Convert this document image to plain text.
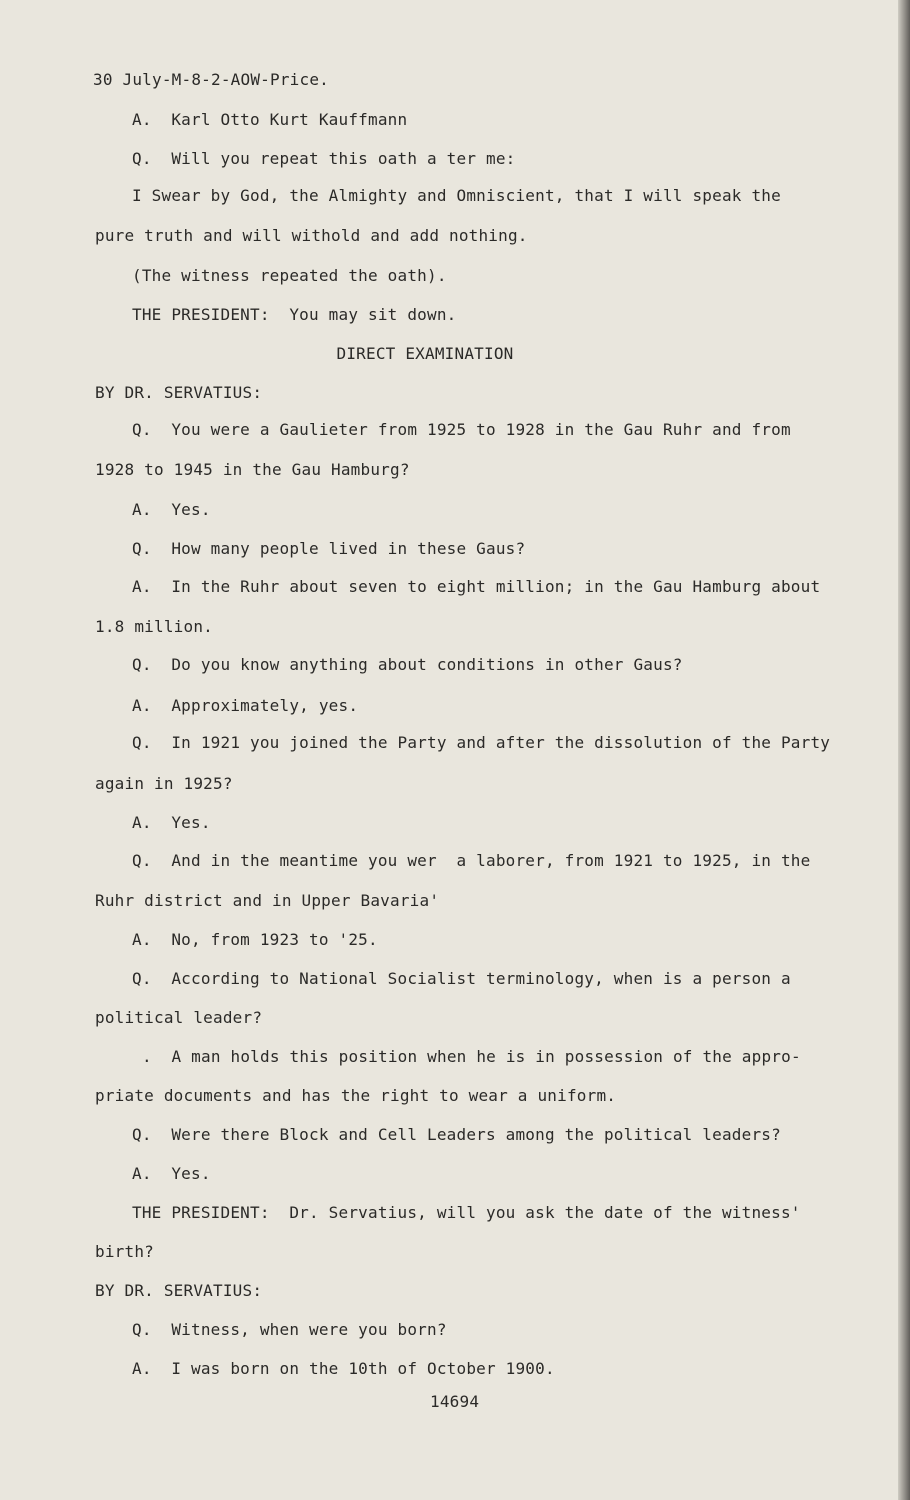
30 July-M-8-2-AOW-Price.
A.  Karl Otto Kurt Kauffmann
Q.  Will you repeat this oath a ter me:
I Swear by God, the Almighty and Omniscient, that I will speak the
pure truth and will withold and add nothing.
(The witness repeated the oath).
THE PRESIDENT:  You may sit down.
DIRECT EXAMINATION
BY DR. SERVATIUS:
Q.  You were a Gaulieter from 1925 to 1928 in the Gau Ruhr and from
1928 to 1945 in the Gau Hamburg?
A.  Yes.
Q.  How many people lived in these Gaus?
A.  In the Ruhr about seven to eight million; in the Gau Hamburg about
1.8 million.
Q.  Do you know anything about conditions in other Gaus?
A.  Approximately, yes.
Q.  In 1921 you joined the Party and after the dissolution of the Party
again in 1925?
A.  Yes.
Q.  And in the meantime you wer  a laborer, from 1921 to 1925, in the
Ruhr district and in Upper Bavaria'
A.  No, from 1923 to '25.
Q.  According to National Socialist terminology, when is a person a
political leader?
.  A man holds this position when he is in possession of the appro-
priate documents and has the right to wear a uniform.
Q.  Were there Block and Cell Leaders among the political leaders?
A.  Yes.
THE PRESIDENT:  Dr. Servatius, will you ask the date of the witness'
birth?
BY DR. SERVATIUS:
Q.  Witness, when were you born?
A.  I was born on the 10th of October 1900.
14694
